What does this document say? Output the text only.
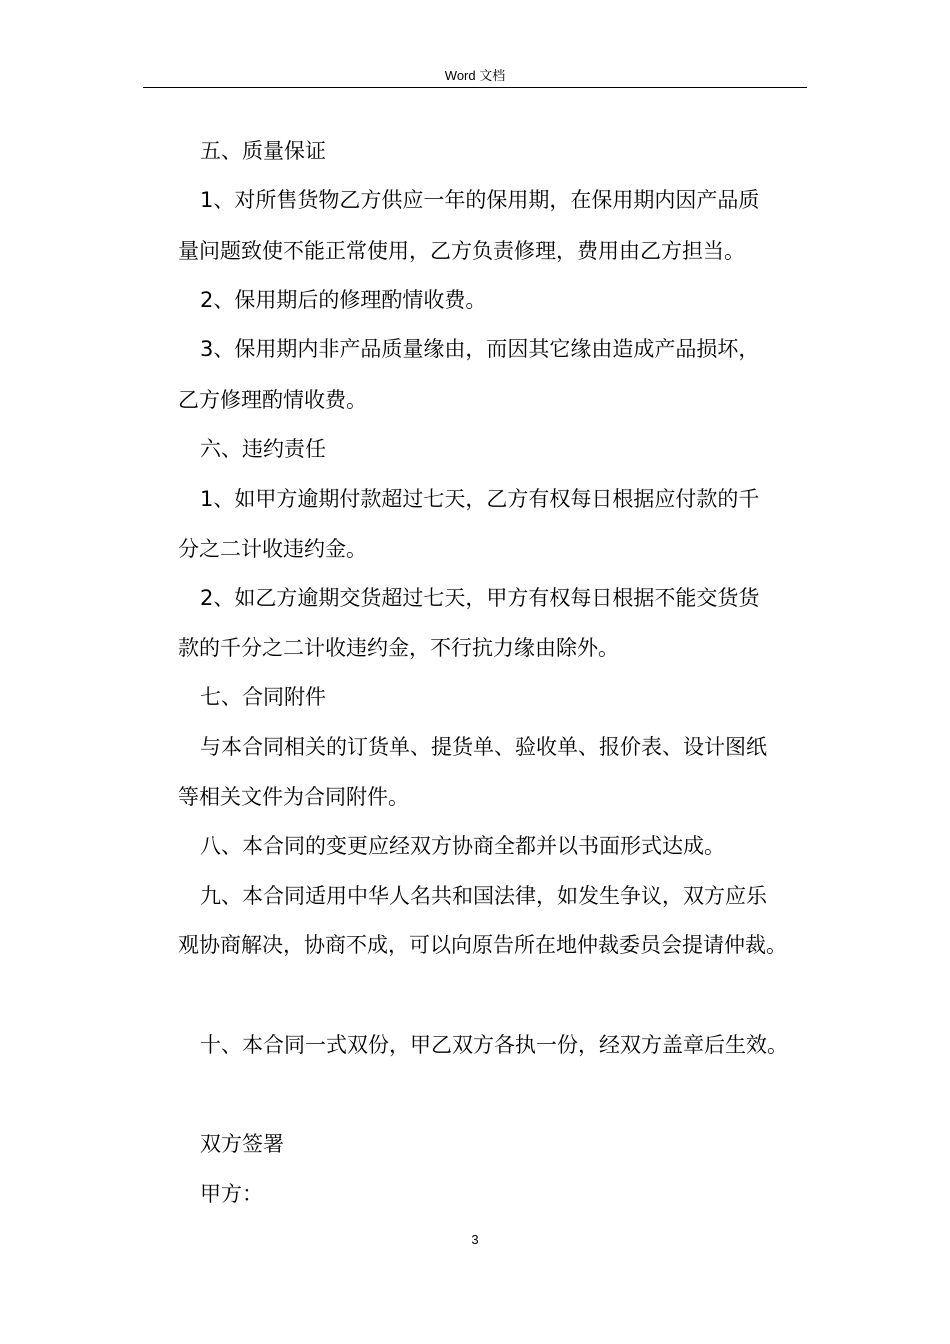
Word 文档
五、质量保证
1、对所售货物乙方供应一年的保用期，在保用期内因产品质
量问题致使不能正常使用，乙方负责修理，费用由乙方担当。
2、保用期后的修理酌情收费。
3、保用期内非产品质量缘由，而因其它缘由造成产品损坏，
乙方修理酌情收费。
六、违约责任
1、如甲方逾期付款超过七天，乙方有权每日根据应付款的千
分之二计收违约金。
2、如乙方逾期交货超过七天，甲方有权每日根据不能交货货
款的千分之二计收违约金，不行抗力缘由除外。
七、合同附件
与本合同相关的订货单、提货单、验收单、报价表、设计图纸
等相关文件为合同附件。
八、本合同的变更应经双方协商全都并以书面形式达成。
九、本合同适用中华人名共和国法律，如发生争议，双方应乐
观协商解决，协商不成，可以向原告所在地仲裁委员会提请仲裁。
十、本合同一式双份，甲乙双方各执一份，经双方盖章后生效。
双方签署
甲方：
3
